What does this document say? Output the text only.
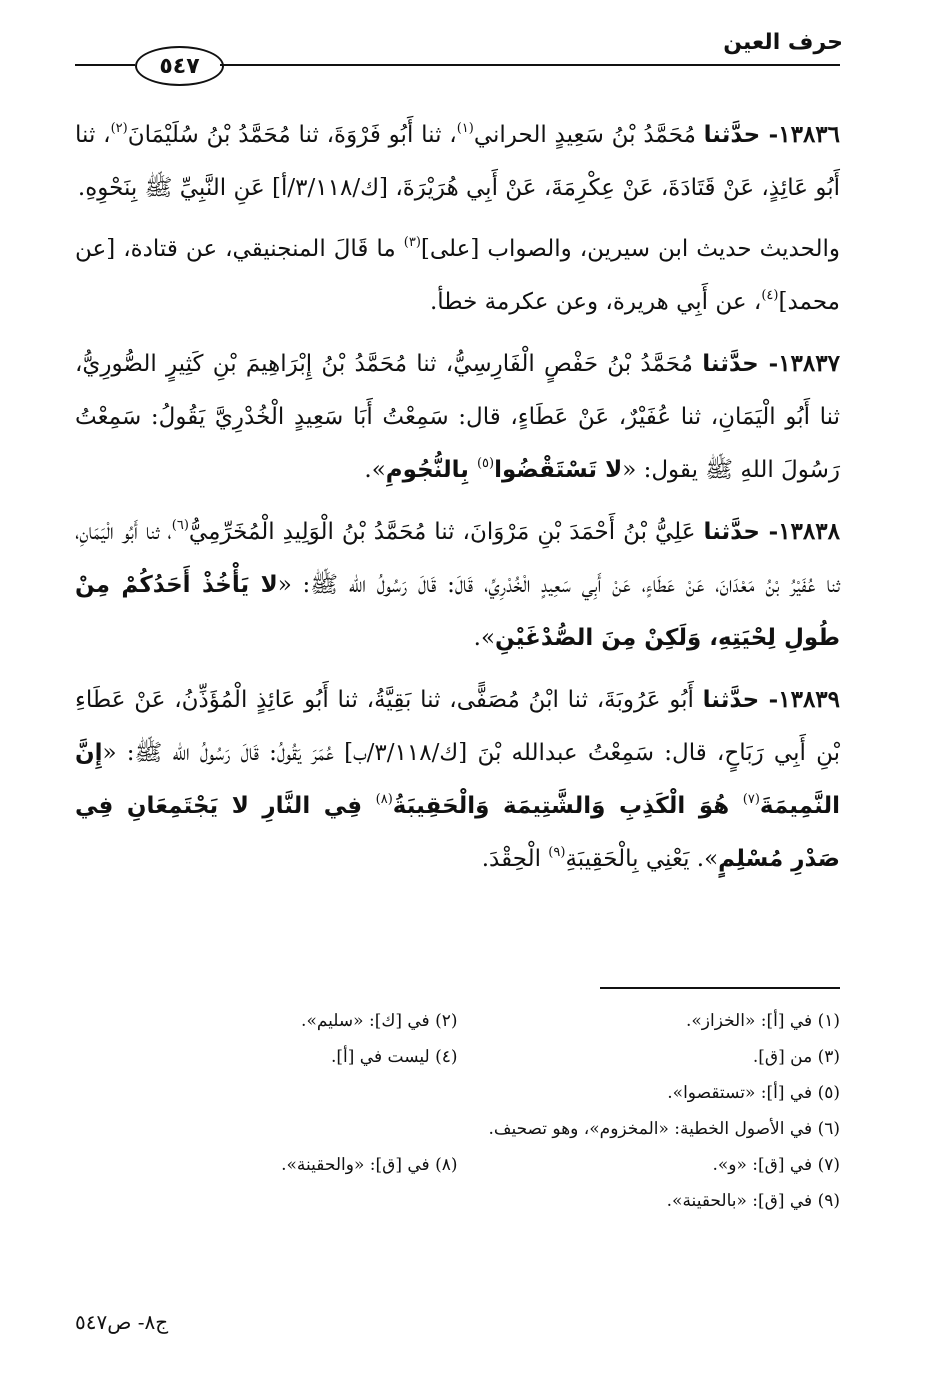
حرف العين
٥٤٧

١٣٨٣٦- حدَّثنا مُحَمَّدُ بْنُ سَعِيدٍ الحراني$^{(١)}$، ثنا أَبُو فَرْوَةَ، ثنا مُحَمَّدُ بْنُ سُلَيْمَانَ$^{(٢)}$، ثنا أَبُو عَائِذٍ، عَنْ قَتَادَةَ، عَنْ عِكْرِمَةَ، عَنْ أَبِي هُرَيْرَةَ، [ك/٣/١١٨/أ] عَنِ النَّبِيِّ ﷺ بِنَحْوِهِ.

والحديث حديث ابن سيرين، والصواب [على]$^{(٣)}$ ما قَالَ المنجنيقي، عن قتادة، [عن محمد]$^{(٤)}$، عن أَبِي هريرة، وعن عكرمة خطأ.

١٣٨٣٧- حدَّثنا مُحَمَّدُ بْنُ حَفْصٍ الْفَارِسِيُّ، ثنا مُحَمَّدُ بْنُ إِبْرَاهِيمَ بْنِ كَثِيرٍ الصُّورِيُّ، ثنا أَبُو الْيَمَانِ، ثنا عُفَيْرٌ، عَنْ عَطَاءٍ، قال: سَمِعْتُ أَبَا سَعِيدٍ الْخُدْرِيَّ يَقُولُ: سَمِعْتُ رَسُولَ اللهِ ﷺ يقول: «لا تَسْتَقْضُوا$^{(٥)}$ بِالنُّجُومِ».

١٣٨٣٨- حدَّثنا عَلِيُّ بْنُ أَحْمَدَ بْنِ مَرْوَانَ، ثنا مُحَمَّدُ بْنُ الْوَلِيدِ الْمُخَرِّمِيُّ$^{(٦)}$، ثنا أَبُو الْيَمَانِ، ثنا عُفَيْرُ بْنُ مَعْدَانَ، عَنْ عَطَاءٍ، عَنْ أَبِي سَعِيدٍ الْخُدْرِيِّ، قَالَ: قَالَ رَسُولُ الله ﷺ: «لا يَأْخُذْ أَحَدُكُمْ مِنْ طُولِ لِحْيَتِهِ، وَلَكِنْ مِنَ الصُّدْغَيْنِ».

١٣٨٣٩- حدَّثنا أَبُو عَرُوبَةَ، ثنا ابْنُ مُصَفًّى، ثنا بَقِيَّةُ، ثنا أَبُو عَائِذٍ الْمُؤَذِّنُ، عَنْ عَطَاءِ بْنِ أَبِي رَبَاحٍ، قال: سَمِعْتُ عبدالله بْنَ [ك/٣/١١٨/ب] عُمَرَ يَقُولُ: قَالَ رَسُولُ الله ﷺ: «إِنَّ النَّمِيمَةَ$^{(٧)}$ هُوَ الْكَذِبِ وَالشَّتِيمَة وَالْحَقِيبَةُ$^{(٨)}$ فِي النَّارِ لا يَجْتَمِعَانِ فِي صَدْرِ مُسْلِمٍ». يَعْنِي بِالْحَقِيبَةِ$^{(٩)}$ الْحِقْدَ.

(١) في [أ]: «الخزاز».
(٢) في [ك]: «سليم».
(٣) من [ق].
(٤) ليست في [أ].
(٥) في [أ]: «تستقصوا».
(٦) في الأصول الخطية: «المخزوم»، وهو تصحيف.
(٧) في [ق]: «و».
(٨) في [ق]: «والحقينة».
(٩) في [ق]: «بالحقينة».
ج٨- ص٥٤٧
